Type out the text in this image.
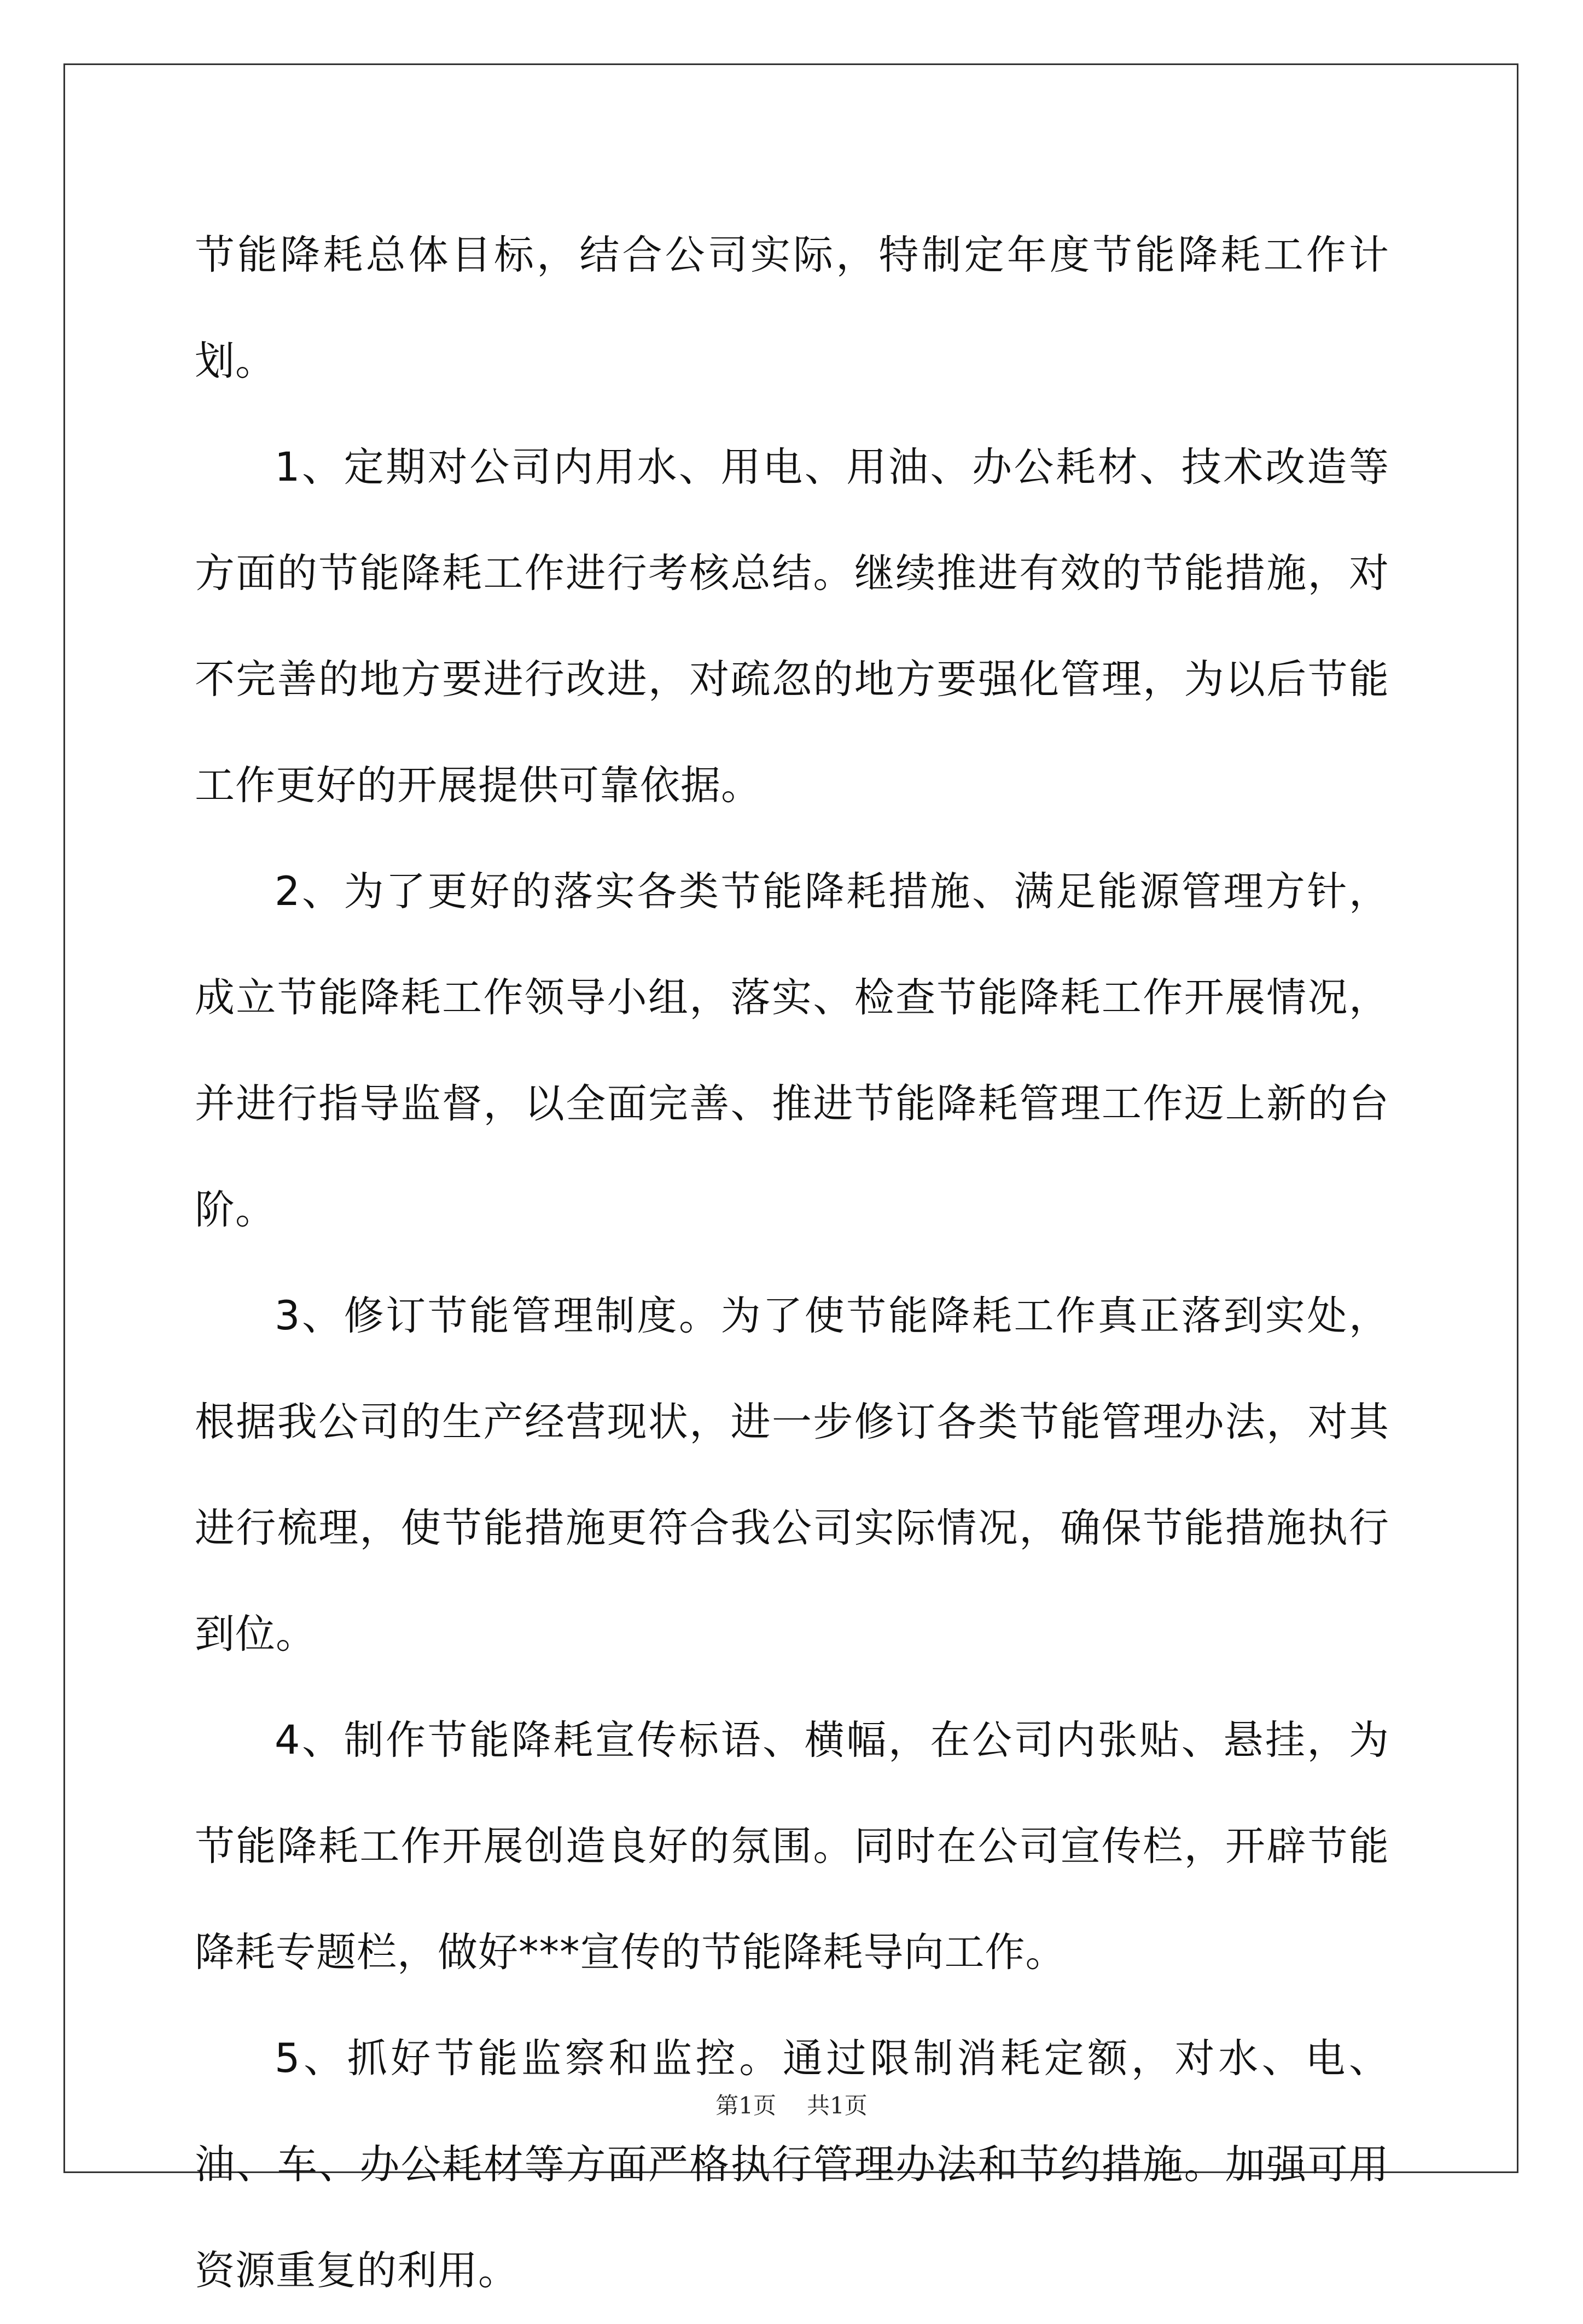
节能降耗总体目标，结合公司实际，特制定年度节能降耗工作计划。

1、定期对公司内用水、用电、用油、办公耗材、技术改造等方面的节能降耗工作进行考核总结。继续推进有效的节能措施，对不完善的地方要进行改进，对疏忽的地方要强化管理，为以后节能工作更好的开展提供可靠依据。

2、为了更好的落实各类节能降耗措施、满足能源管理方针，成立节能降耗工作领导小组，落实、检查节能降耗工作开展情况，并进行指导监督，以全面完善、推进节能降耗管理工作迈上新的台阶。

3、修订节能管理制度。为了使节能降耗工作真正落到实处，根据我公司的生产经营现状，进一步修订各类节能管理办法，对其进行梳理，使节能措施更符合我公司实际情况，确保节能措施执行到位。

4、制作节能降耗宣传标语、横幅，在公司内张贴、悬挂，为节能降耗工作开展创造良好的氛围。同时在公司宣传栏，开辟节能降耗专题栏，做好***宣传的节能降耗导向工作。

5、抓好节能监察和监控。通过限制消耗定额，对水、电、油、车、办公耗材等方面严格执行管理办法和节约措施。加强可用资源重复的利用。

第1页 共1页
